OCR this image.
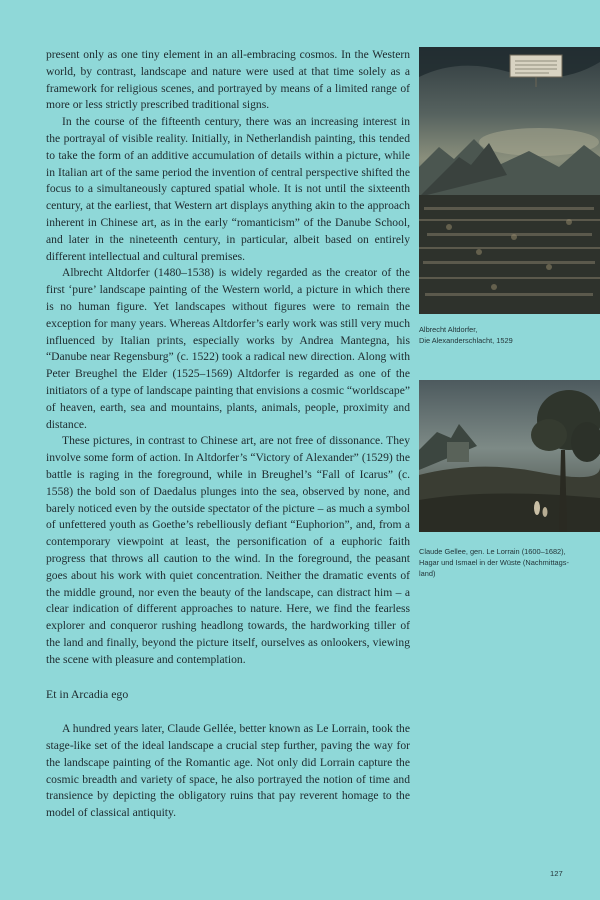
present only as one tiny element in an all-embracing cosmos. In the Western world, by contrast, landscape and nature were used at that time solely as a framework for religious scenes, and portrayed by means of a limited range of more or less strictly prescribed traditional signs.

In the course of the fifteenth century, there was an increasing interest in the portrayal of visible reality. Initially, in Netherlandish painting, this tended to take the form of an additive accumulation of details within a picture, while in Italian art of the same period the invention of central perspective shifted the focus to a simultaneously captured spatial whole. It is not until the sixteenth century, at the earliest, that Western art displays anything akin to the approach inherent in Chinese art, as in the early “romanticism” of the Danube School, and later in the nineteenth century, in particular, albeit based on entirely different intellectual and cultural premises.

Albrecht Altdorfer (1480–1538) is widely regarded as the creator of the first ‘pure’ landscape painting of the Western world, a picture in which there is no human figure. Yet landscapes without figures were to remain the exception for many years. Whereas Altdorfer’s early work was still very much influenced by Italian prints, especially works by Andrea Mantegna, his “Danube near Regensburg” (c. 1522) took a radical new direction. Along with Peter Breughel the Elder (1525–1569) Altdorfer is regarded as one of the initiators of a type of landscape painting that envisions a cosmic “worldscape” of heaven, earth, sea and mountains, plants, animals, people, proximity and distance.

These pictures, in contrast to Chinese art, are not free of dissonance. They involve some form of action. In Altdorfer’s “Victory of Alexander” (1529) the battle is raging in the foreground, while in Breughel’s “Fall of Icarus” (c. 1558) the bold son of Daedalus plunges into the sea, observed by none, and barely noticed even by the outside spectator of the picture – as much a symbol of unfettered youth as Goethe’s rebelliously defiant “Euphorion”, and, from a contemporary viewpoint at least, the personification of a euphoric faith progress that throws all caution to the wind. In the foreground, the peasant goes about his work with quiet concentration. Neither the dramatic events of the middle ground, nor even the beauty of the landscape, can distract him – a clear indication of different approaches to nature. Here, we find the fearless explorer and conqueror rushing headlong towards, the hardworking tiller of the land and finally, beyond the picture itself, ourselves as onlookers, viewing the scene with pleasure and contemplation.

Et in Arcadia ego

A hundred years later, Claude Gellée, better known as Le Lorrain, took the stage-like set of the ideal landscape a crucial step further, paving the way for the landscape painting of the Romantic age. Not only did Lorrain capture the cosmic breadth and variety of space, he also portrayed the notion of time and transience by depicting the obligatory ruins that pay reverent homage to the model of classical antiquity.

Albrecht Altdorfer,
Die Alexanderschlacht, 1529
Claude Gellee, gen. Le Lorrain (1600–1682),
Hagar und Ismael in der Wüste (Nachmittags-
land)
127
